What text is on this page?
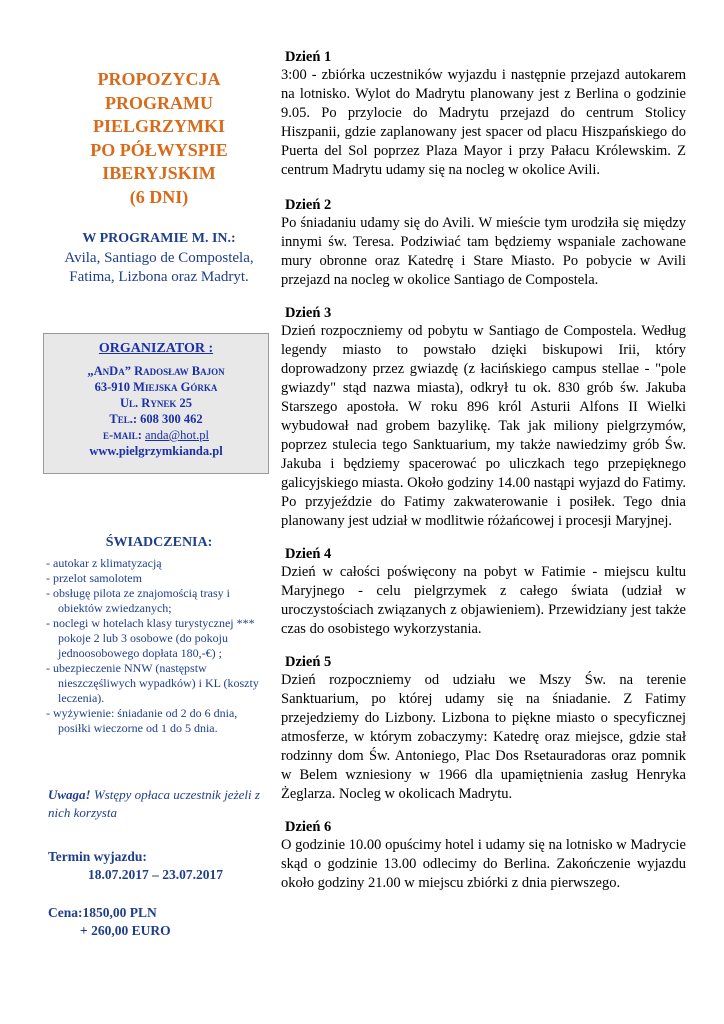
PROPOZYCJA
PROGRAMU
PIELGRZYMKI
PO PÓŁWYSPIE
IBERYJSKIM
(6 DNI)
W PROGRAMIE M. IN.:
Avila, Santiago de Compostela,
Fatima, Lizbona oraz Madryt.
ORGANIZATOR :
„AnDa” Radosław Bajon
63-910 Miejska Górka
Ul. Rynek 25
Tel.: 608 300 462
e-mail: anda@hot.pl
www.pielgrzymkianda.pl
ŚWIADCZENIA:
- autokar z klimatyzacją
- przelot samolotem
- obsługę pilota ze znajomością trasy i obiektów zwiedzanych;
- noclegi w hotelach klasy turystycznej *** pokoje 2 lub 3 osobowe (do pokoju jednoosobowego dopłata 180,-€) ;
- ubezpieczenie NNW (następstw nieszczęśliwych wypadków) i KL (koszty leczenia).
- wyżywienie: śniadanie od 2 do 6 dnia, posiłki wieczorne od 1 do 5 dnia.
Uwaga! Wstępy opłaca uczestnik jeżeli z nich korzysta
Termin wyjazdu:
18.07.2017 – 23.07.2017
Cena:1850,00 PLN
+ 260,00 EURO
Dzień 1
3:00 - zbiórka uczestników wyjazdu i następnie przejazd autokarem na lotnisko. Wylot do Madrytu planowany jest z Berlina o godzinie 9.05. Po przylocie do Madrytu przejazd do centrum Stolicy Hiszpanii, gdzie zaplanowany jest spacer od placu Hiszpańskiego do Puerta del Sol poprzez Plaza Mayor i przy Pałacu Królewskim. Z centrum Madrytu udamy się na nocleg w okolice Avili.
Dzień 2
Po śniadaniu udamy się do Avili. W mieście tym urodziła się między innymi św. Teresa. Podziwiać tam będziemy wspaniale zachowane mury obronne oraz Katedrę i Stare Miasto. Po pobycie w Avili przejazd na nocleg w okolice Santiago de Compostela.
Dzień 3
Dzień rozpoczniemy od pobytu w Santiago de Compostela. Według legendy miasto to powstało dzięki biskupowi Irii, który doprowadzony przez gwiazdę (z łacińskiego campus stellae - "pole gwiazdy" stąd nazwa miasta), odkrył tu ok. 830 grób św. Jakuba Starszego apostoła. W roku 896 król Asturii Alfons II Wielki wybudował nad grobem bazylikę. Tak jak miliony pielgrzymów, poprzez stulecia tego Sanktuarium, my także nawiedzimy grób Św. Jakuba i będziemy spacerować po uliczkach tego przepięknego galicyjskiego miasta. Około godziny 14.00 nastąpi wyjazd do Fatimy. Po przyjeździe do Fatimy zakwaterowanie i posiłek. Tego dnia planowany jest udział w modlitwie różańcowej i procesji Maryjnej.
Dzień 4
Dzień w całości poświęcony na pobyt w Fatimie - miejscu kultu Maryjnego - celu pielgrzymek z całego świata (udział w uroczystościach związanych z objawieniem). Przewidziany jest także czas do osobistego wykorzystania.
Dzień 5
Dzień rozpoczniemy od udziału we Mszy Św. na terenie Sanktuarium, po której udamy się na śniadanie. Z Fatimy przejedziemy do Lizbony. Lizbona to piękne miasto o specyficznej atmosferze, w którym zobaczymy: Katedrę oraz miejsce, gdzie stał rodzinny dom Św. Antoniego, Plac Dos Rsetauradoras oraz pomnik w Belem wzniesiony w 1966 dla upamiętnienia zasług Henryka Żeglarza. Nocleg w okolicach Madrytu.
Dzień 6
O godzinie 10.00 opuścimy hotel i udamy się na lotnisko w Madrycie skąd o godzinie 13.00 odlecimy do Berlina. Zakończenie wyjazdu około godziny 21.00 w miejscu zbiórki z dnia pierwszego.
